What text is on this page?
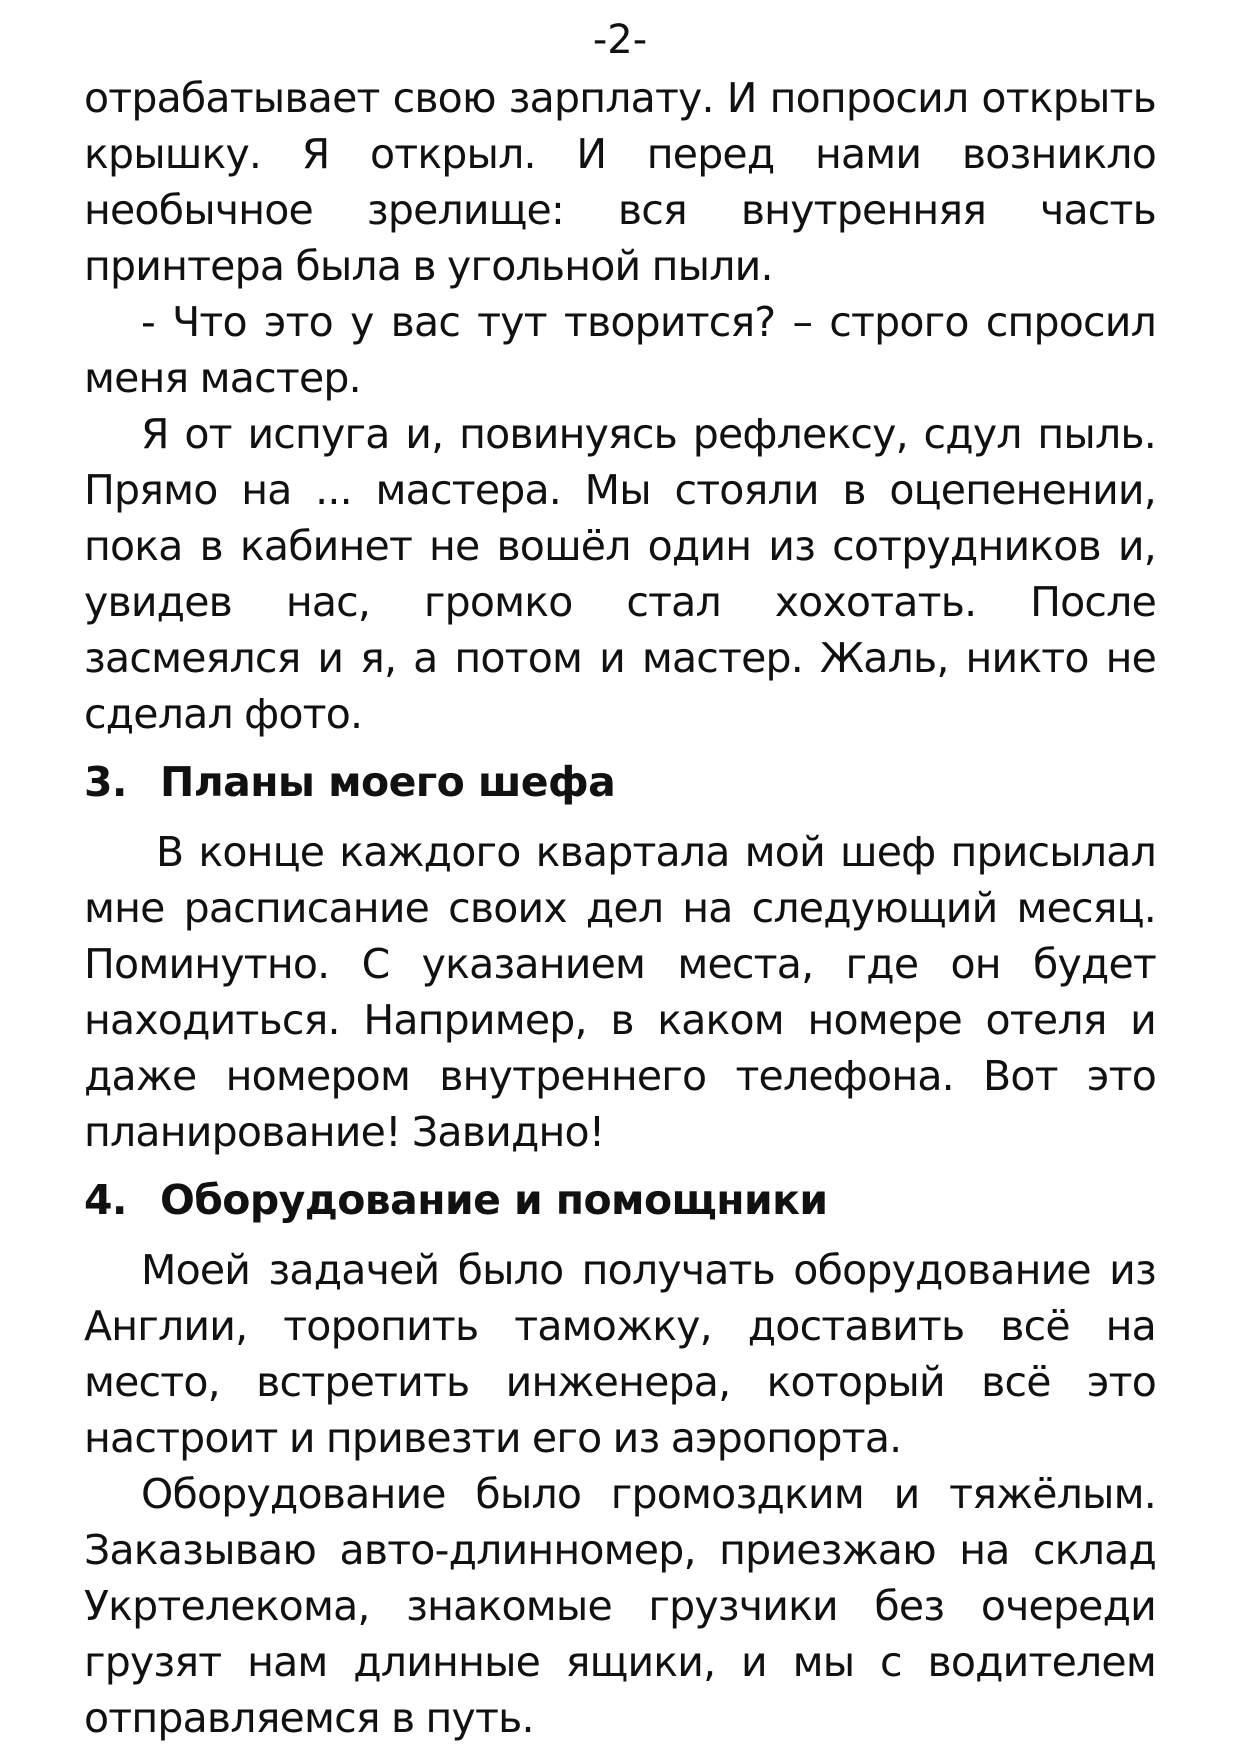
-2-

отрабатывает свою зарплату. И попросил открыть крышку. Я открыл. И перед нами возникло необычное зрелище: вся внутренняя часть принтера была в угольной пыли.

- Что это у вас тут творится? – строго спросил меня мастер.

Я от испуга и, повинуясь рефлексу, сдул пыль. Прямо на ... мастера. Мы стояли в оцепенении, пока в кабинет не вошёл один из сотрудников и, увидев нас, громко стал хохотать. После засмеялся и я, а потом и мастер. Жаль, никто не сделал фото.

3. Планы моего шефа

В конце каждого квартала мой шеф присылал мне расписание своих дел на следующий месяц. Поминутно. С указанием места, где он будет находиться. Например, в каком номере отеля и даже номером внутреннего телефона. Вот это планирование! Завидно!

4. Оборудование и помощники

Моей задачей было получать оборудование из Англии, торопить таможку, доставить всё на место, встретить инженера, который всё это настроит и привезти его из аэропорта.

Оборудование было громоздким и тяжёлым. Заказываю авто-длинномер, приезжаю на склад Укртелекома, знакомые грузчики без очереди грузят нам длинные ящики, и мы с водителем отправляемся в путь.
